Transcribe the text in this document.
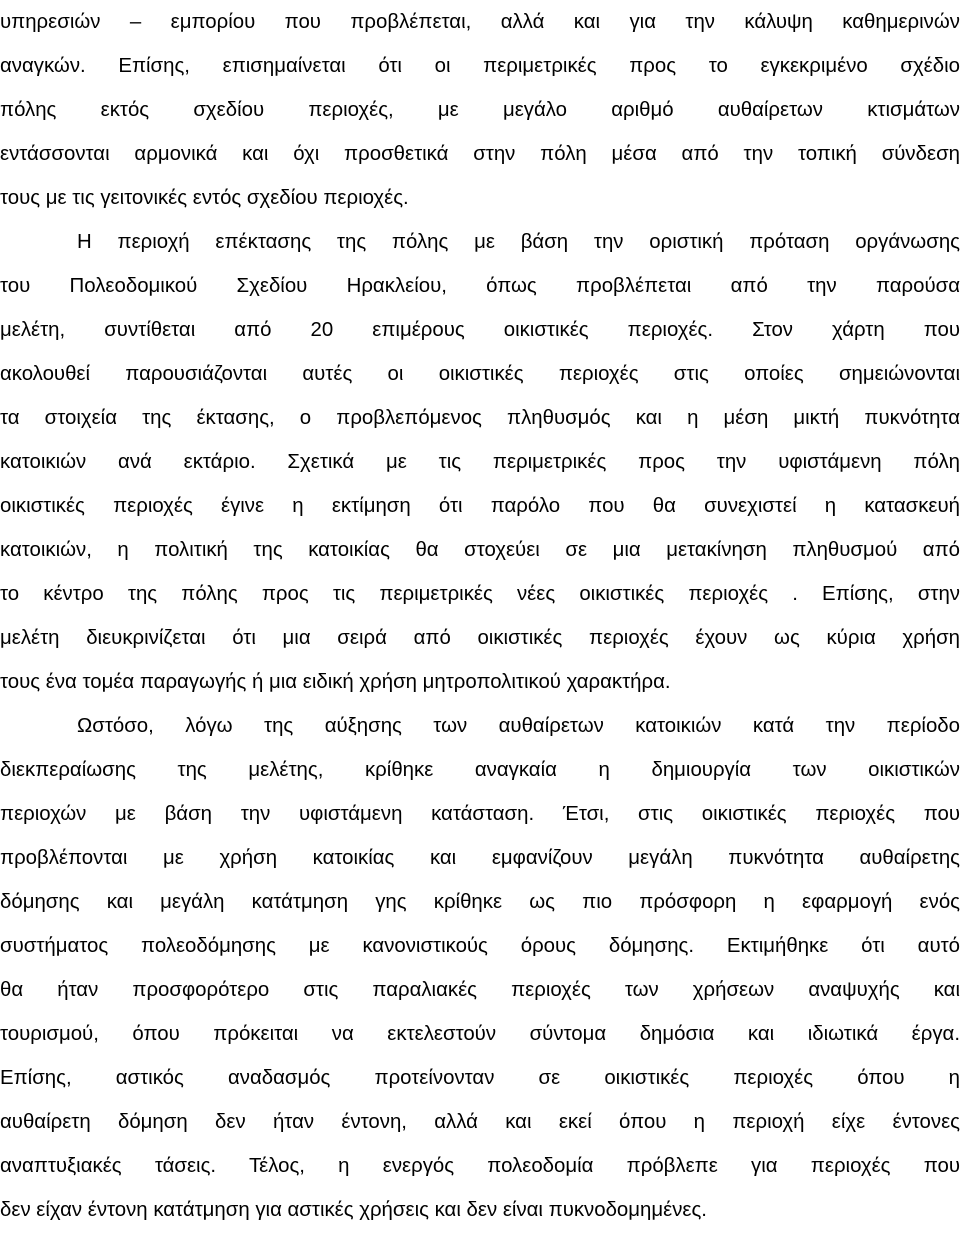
υπηρεσιών – εμπορίου που προβλέπεται, αλλά και για την κάλυψη καθημερινών
αναγκών. Επίσης, επισημαίνεται ότι οι περιμετρικές προς το εγκεκριμένο σχέδιο
πόλης εκτός σχεδίου περιοχές, με μεγάλο αριθμό αυθαίρετων κτισμάτων
εντάσσονται αρμονικά και όχι προσθετικά στην πόλη μέσα από την τοπική σύνδεση
τους με τις γειτονικές εντός σχεδίου περιοχές.
Η περιοχή επέκτασης της πόλης με βάση την οριστική πρόταση οργάνωσης
του Πολεοδομικού Σχεδίου Ηρακλείου, όπως προβλέπεται από την παρούσα
μελέτη, συντίθεται από 20 επιμέρους οικιστικές περιοχές. Στον χάρτη που
ακολουθεί παρουσιάζονται αυτές οι οικιστικές περιοχές στις οποίες σημειώνονται
τα στοιχεία της έκτασης, ο προβλεπόμενος πληθυσμός και η μέση μικτή πυκνότητα
κατοικιών ανά εκτάριο. Σχετικά με τις περιμετρικές προς την υφιστάμενη πόλη
οικιστικές περιοχές έγινε η εκτίμηση ότι παρόλο που θα συνεχιστεί η κατασκευή
κατοικιών, η πολιτική της κατοικίας θα στοχεύει σε μια μετακίνηση πληθυσμού από
το κέντρο της πόλης προς τις περιμετρικές νέες οικιστικές περιοχές . Επίσης, στην
μελέτη διευκρινίζεται ότι μια σειρά από οικιστικές περιοχές έχουν ως κύρια χρήση
τους ένα τομέα παραγωγής ή μια ειδική χρήση μητροπολιτικού χαρακτήρα.
Ωστόσο, λόγω της αύξησης των αυθαίρετων κατοικιών κατά την περίοδο
διεκπεραίωσης της μελέτης, κρίθηκε αναγκαία η δημιουργία των οικιστικών
περιοχών με βάση την υφιστάμενη κατάσταση. Έτσι, στις οικιστικές περιοχές που
προβλέπονται με χρήση κατοικίας και εμφανίζουν μεγάλη πυκνότητα αυθαίρετης
δόμησης και μεγάλη κατάτμηση γης κρίθηκε ως πιο πρόσφορη η εφαρμογή ενός
συστήματος πολεοδόμησης με κανονιστικούς όρους δόμησης. Εκτιμήθηκε ότι αυτό
θα ήταν προσφορότερο στις παραλιακές περιοχές των χρήσεων αναψυχής και
τουρισμού, όπου πρόκειται να εκτελεστούν σύντομα δημόσια και ιδιωτικά έργα.
Επίσης, αστικός αναδασμός προτείνονταν σε οικιστικές περιοχές όπου η
αυθαίρετη δόμηση δεν ήταν έντονη, αλλά και εκεί όπου η περιοχή είχε έντονες
αναπτυξιακές τάσεις. Τέλος, η ενεργός πολεοδομία πρόβλεπε για περιοχές που
δεν είχαν έντονη κατάτμηση για αστικές χρήσεις και δεν είναι πυκνοδομημένες.
